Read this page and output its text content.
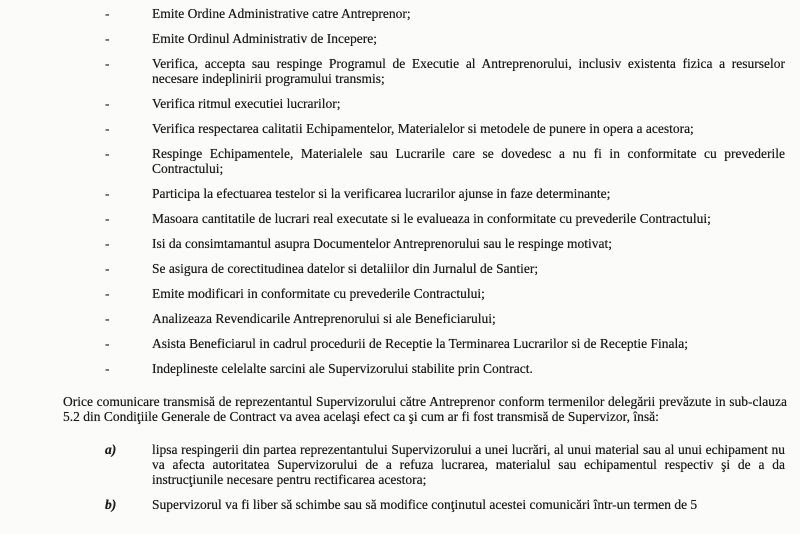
-	Emite Ordine Administrative catre Antreprenor;
-	Emite Ordinul Administrativ de Incepere;
-	Verifica, accepta sau respinge Programul de Executie al Antreprenorului, inclusiv existenta fizica a resurselor necesare indeplinirii programului transmis;
-	Verifica ritmul executiei lucrarilor;
-	Verifica respectarea calitatii Echipamentelor, Materialelor si metodele de punere in opera a acestora;
-	Respinge Echipamentele, Materialele sau Lucrarile care se dovedesc a nu fi in conformitate cu prevederile Contractului;
-	Participa la efectuarea testelor si la verificarea lucrarilor ajunse in faze determinante;
-	Masoara cantitatile de lucrari real executate si le evalueaza in conformitate cu prevederile Contractului;
-	Isi da consimtamantul asupra Documentelor Antreprenorului sau le respinge motivat;
-	Se asigura de corectitudinea datelor si detaliilor din Jurnalul de Santier;
-	Emite modificari in conformitate cu prevederile Contractului;
-	Analizeaza Revendicarile Antreprenorului si ale Beneficiarului;
-	Asista Beneficiarul in cadrul procedurii de Receptie la Terminarea Lucrarilor si de Receptie Finala;
-	Indeplineste celelalte sarcini ale Supervizorului stabilite prin Contract.
Orice comunicare transmisă de reprezentantul Supervizorului către Antreprenor conform termenilor delegării prevăzute in sub-clauza 5.2 din Condiţiile Generale de Contract va avea acelaşi efect ca şi cum ar fi fost transmisă de Supervizor, însă:
a)	lipsa respingerii din partea reprezentantului Supervizorului a unei lucrări, al unui material sau al unui echipament nu va afecta autoritatea Supervizorului de a refuza lucrarea, materialul sau echipamentul respectiv şi de a da instrucţiunile necesare pentru rectificarea acestora;
b)	Supervizorul va fi liber să schimbe sau să modifice conţinutul acestei comunicări într-un termen de 5
